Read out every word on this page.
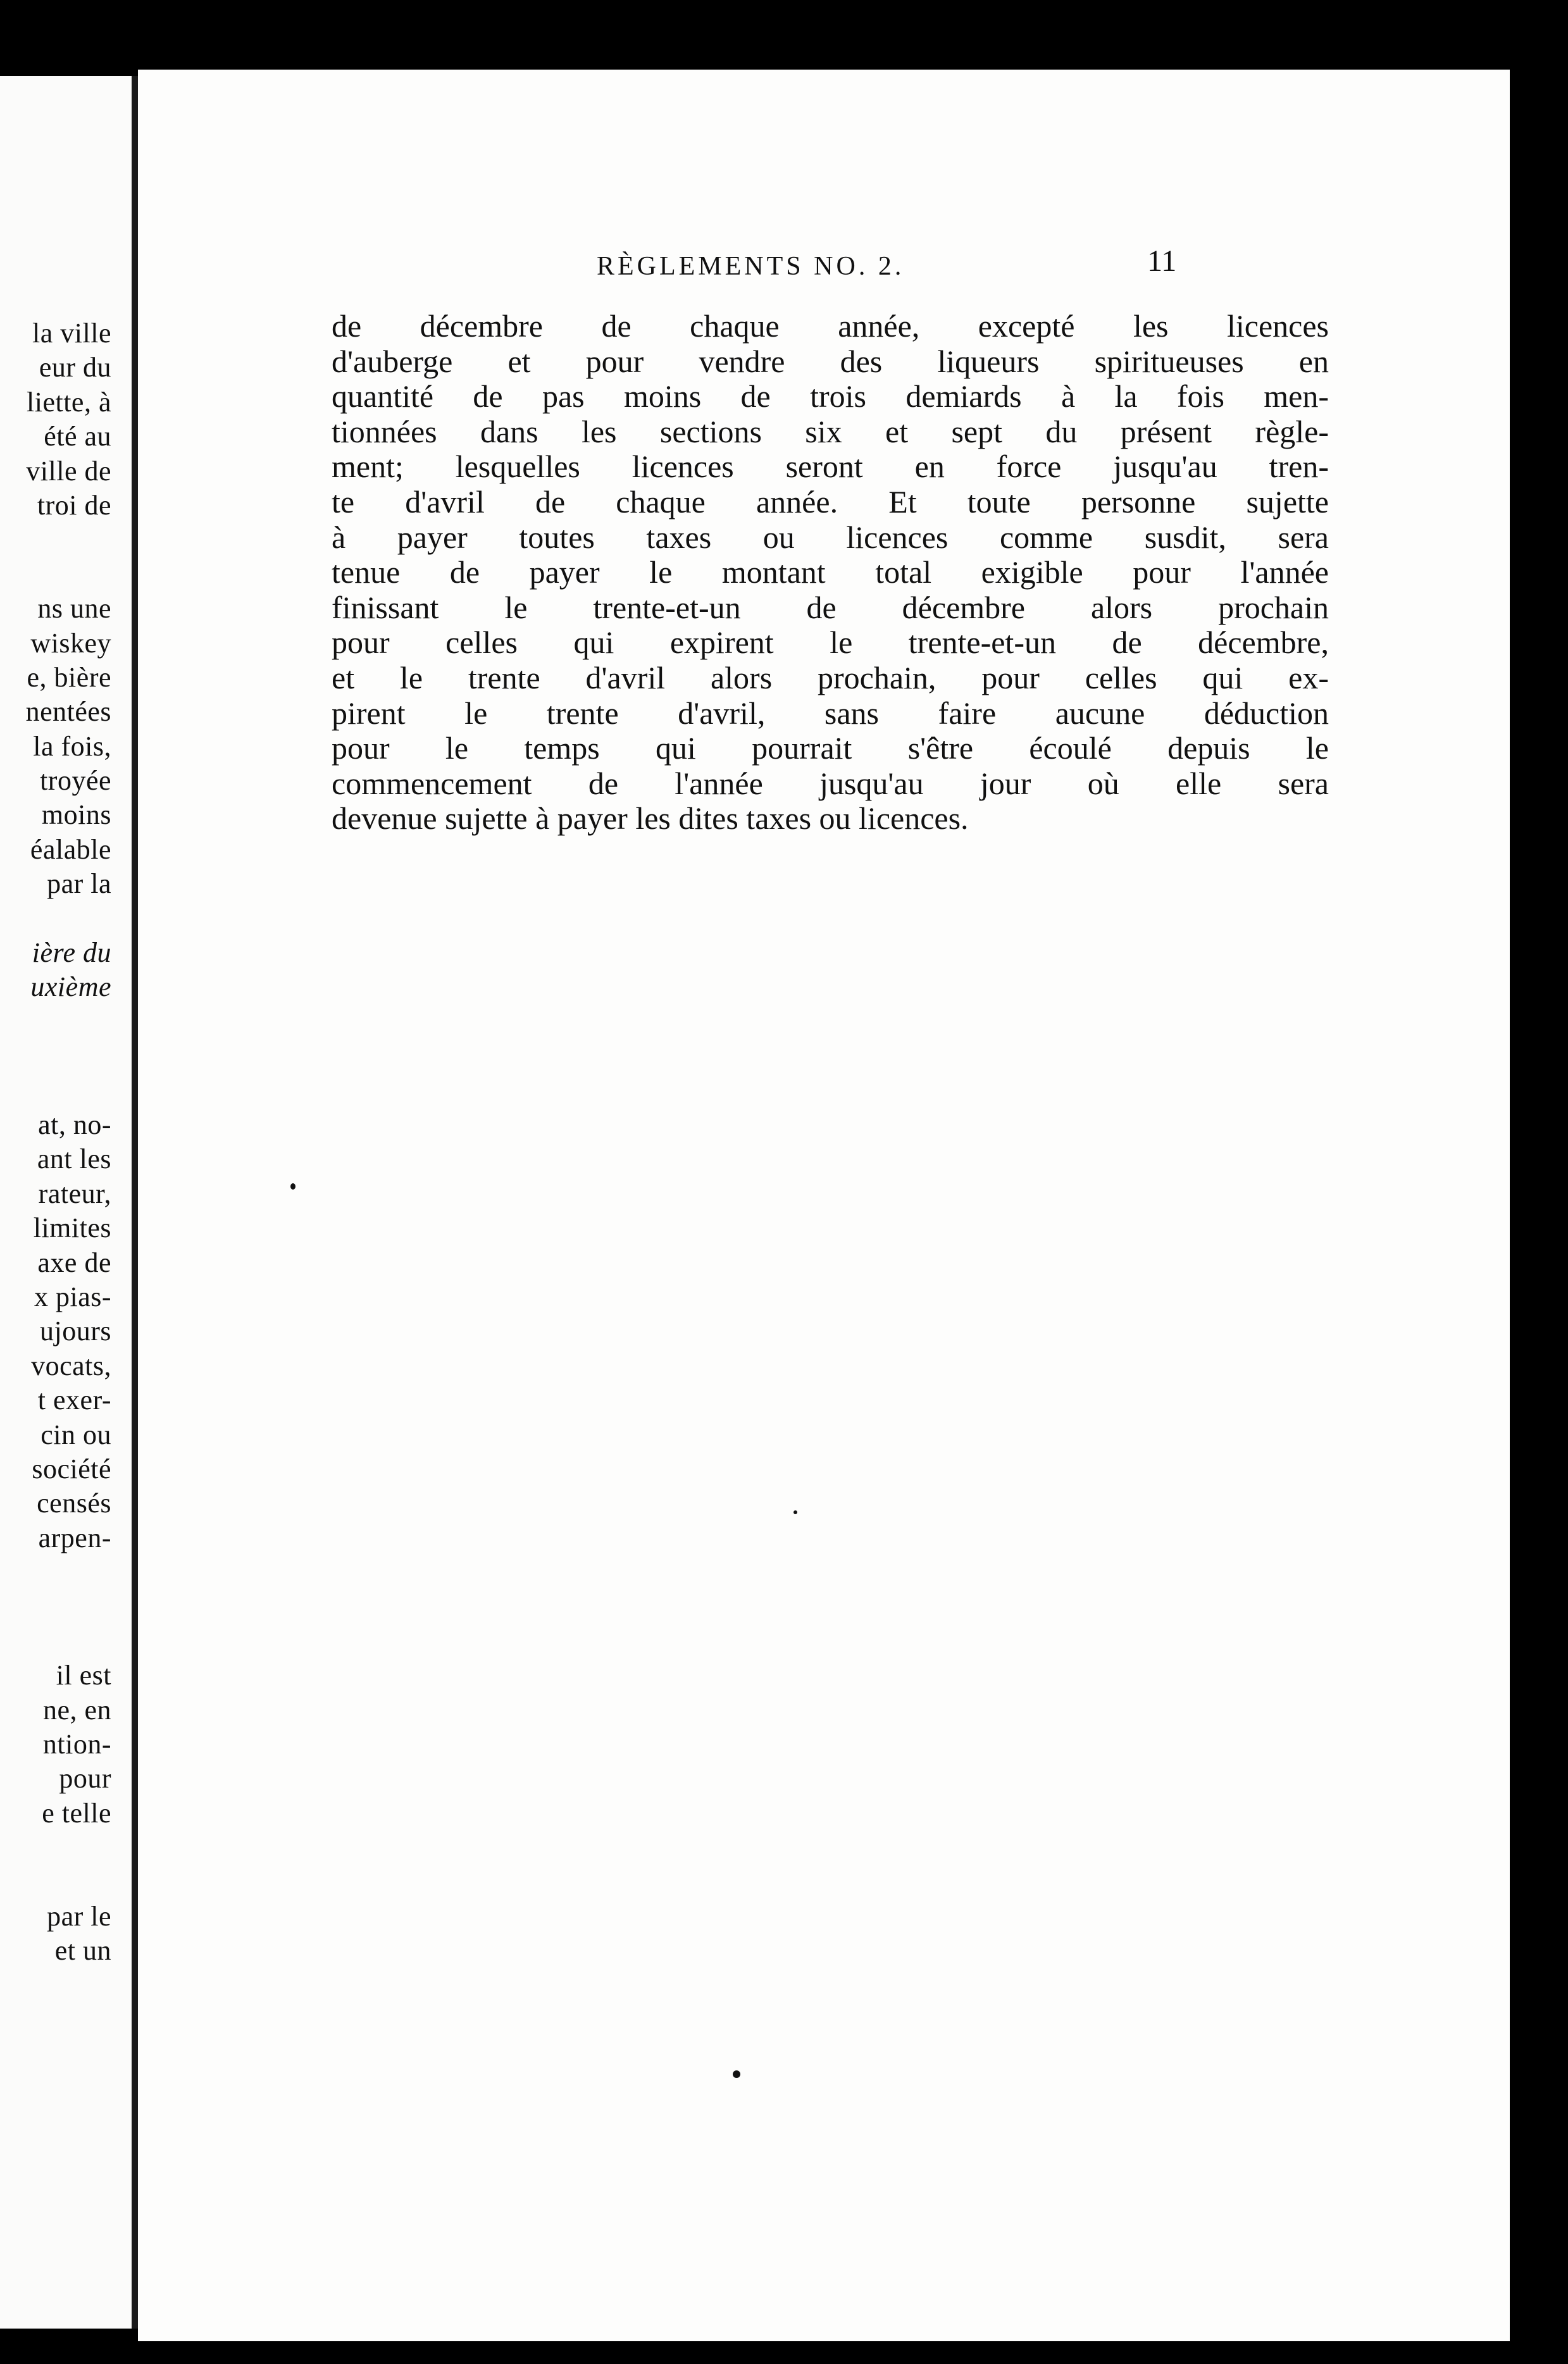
la ville
eur du
liette, à
été au
ville de
troi de
ns une
wiskey
e, bière
nentées
la fois,
troyée
moins
éalable
par la
ière du
uxième
at, no-
ant les
rateur,
limites
axe de
x pias-
ujours
vocats,
t exer-
cin ou
société
censés
arpen-
il est
ne, en
ntion-
pour
e telle
par le
et un
RÈGLEMENTS NO. 2.	11
de décembre de chaque année, excepté les licences
d'auberge et pour vendre des liqueurs spiritueuses en
quantité de pas moins de trois demiards à la fois men-
tionnées dans les sections six et sept du présent règle-
ment; lesquelles licences seront en force jusqu'au tren-
te d'avril de chaque année. Et toute personne sujette
à payer toutes taxes ou licences comme susdit, sera
tenue de payer le montant total exigible pour l'année
finissant le trente-et-un de décembre alors prochain
pour celles qui expirent le trente-et-un de décembre,
et le trente d'avril alors prochain, pour celles qui ex-
pirent le trente d'avril, sans faire aucune déduction
pour le temps qui pourrait s'être écoulé depuis le
commencement de l'année jusqu'au jour où elle sera
devenue sujette à payer les dites taxes ou licences.
